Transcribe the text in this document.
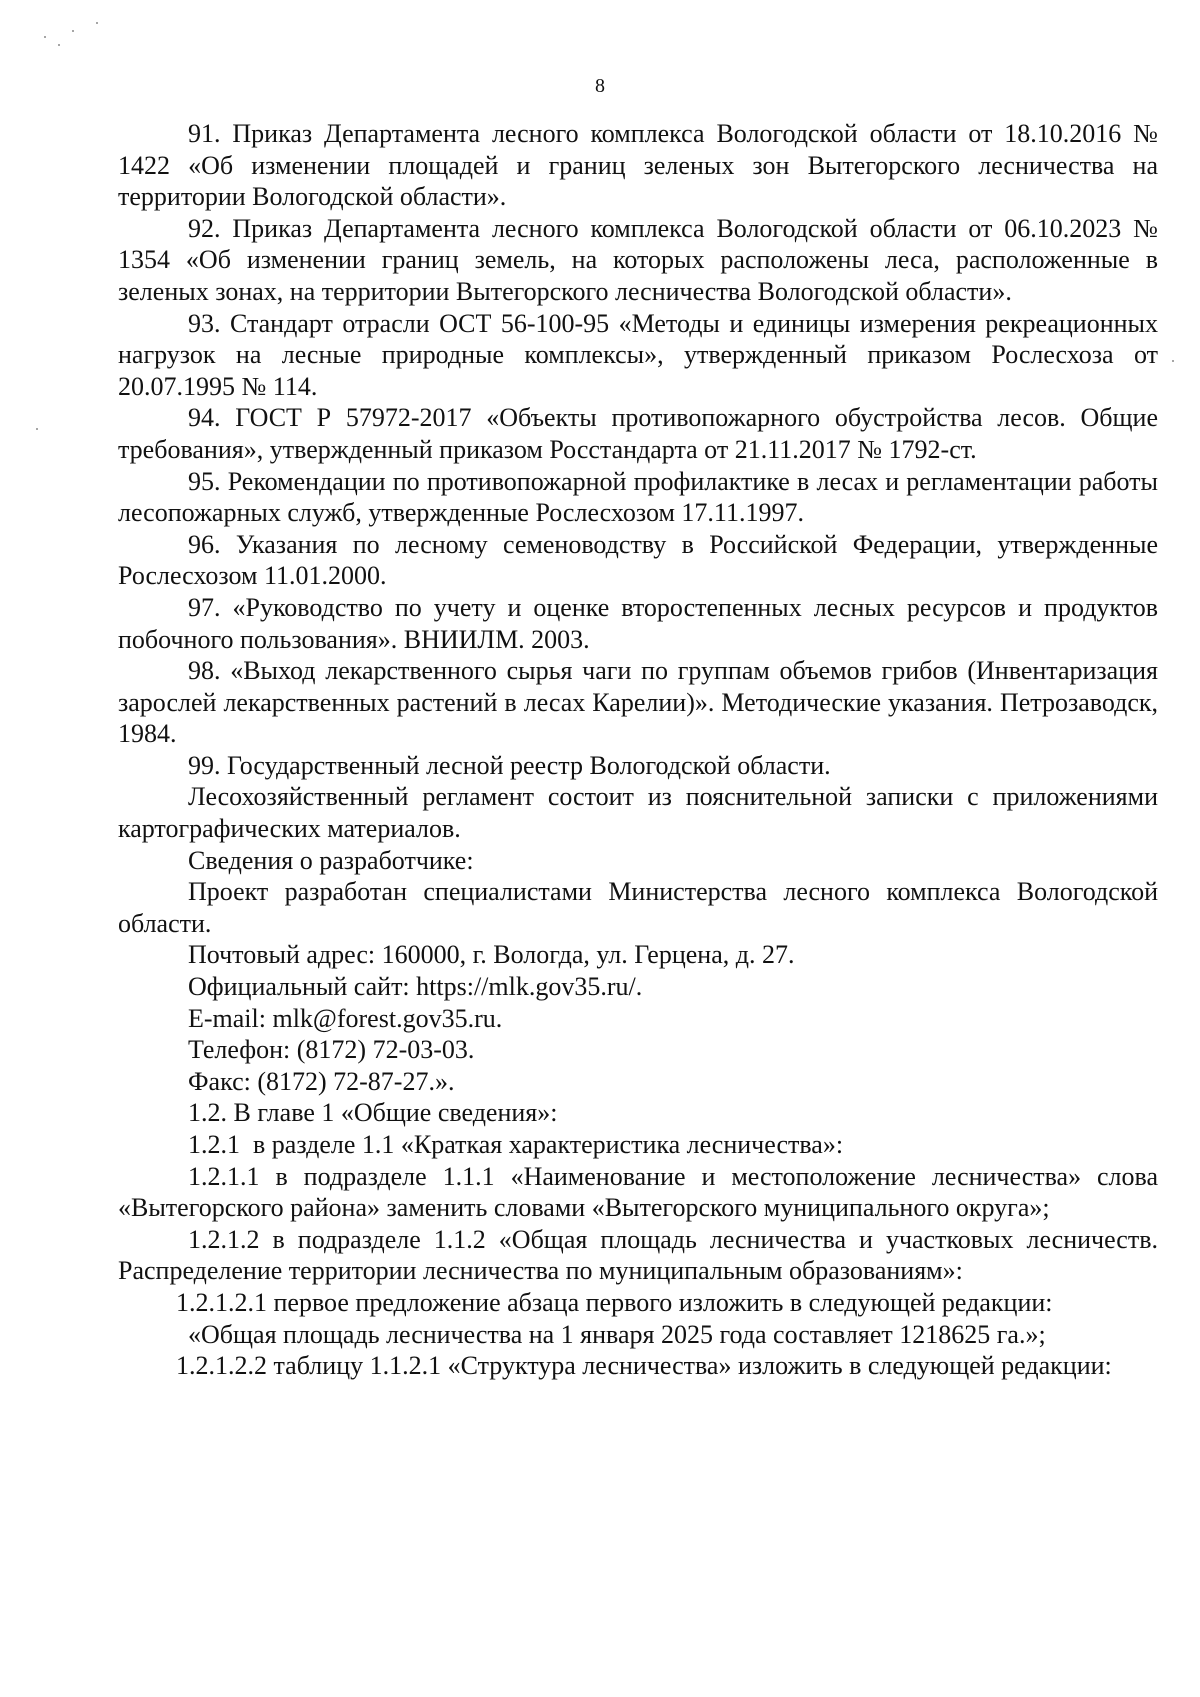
8

91. Приказ Департамента лесного комплекса Вологодской области от 18.10.2016 № 1422 «Об изменении площадей и границ зеленых зон Вытегорского лесничества на территории Вологодской области».

92. Приказ Департамента лесного комплекса Вологодской области от 06.10.2023 № 1354 «Об изменении границ земель, на которых расположены леса, расположенные в зеленых зонах, на территории Вытегорского лесничества Вологодской области».

93. Стандарт отрасли ОСТ 56-100-95 «Методы и единицы измерения рекреационных нагрузок на лесные природные комплексы», утвержденный приказом Рослесхоза от 20.07.1995 № 114.

94. ГОСТ Р 57972-2017 «Объекты противопожарного обустройства лесов. Общие требования», утвержденный приказом Росстандарта от 21.11.2017 № 1792-ст.

95. Рекомендации по противопожарной профилактике в лесах и регламентации работы лесопожарных служб, утвержденные Рослесхозом 17.11.1997.

96. Указания по лесному семеноводству в Российской Федерации, утвержденные Рослесхозом 11.01.2000.

97. «Руководство по учету и оценке второстепенных лесных ресурсов и продуктов побочного пользования». ВНИИЛМ. 2003.

98. «Выход лекарственного сырья чаги по группам объемов грибов (Инвентаризация зарослей лекарственных растений в лесах Карелии)». Методические указания. Петрозаводск, 1984.

99. Государственный лесной реестр Вологодской области.

Лесохозяйственный регламент состоит из пояснительной записки с приложениями картографических материалов.

Сведения о разработчике:

Проект разработан специалистами Министерства лесного комплекса Вологодской области.

Почтовый адрес: 160000, г. Вологда, ул. Герцена, д. 27.

Официальный сайт: https://mlk.gov35.ru/.

E-mail: mlk@forest.gov35.ru.

Телефон: (8172) 72-03-03.

Факс: (8172) 72-87-27.».

1.2. В главе 1 «Общие сведения»:

1.2.1  в разделе 1.1 «Краткая характеристика лесничества»:

1.2.1.1 в подразделе 1.1.1 «Наименование и местоположение лесничества» слова «Вытегорского района» заменить словами «Вытегорского муниципального округа»;

1.2.1.2 в подразделе 1.1.2 «Общая площадь лесничества и участковых лесничеств. Распределение территории лесничества по муниципальным образованиям»:

1.2.1.2.1 первое предложение абзаца первого изложить в следующей редакции:

«Общая площадь лесничества на 1 января 2025 года составляет 1218625 га.»;

1.2.1.2.2 таблицу 1.1.2.1 «Структура лесничества» изложить в следующей редакции:
